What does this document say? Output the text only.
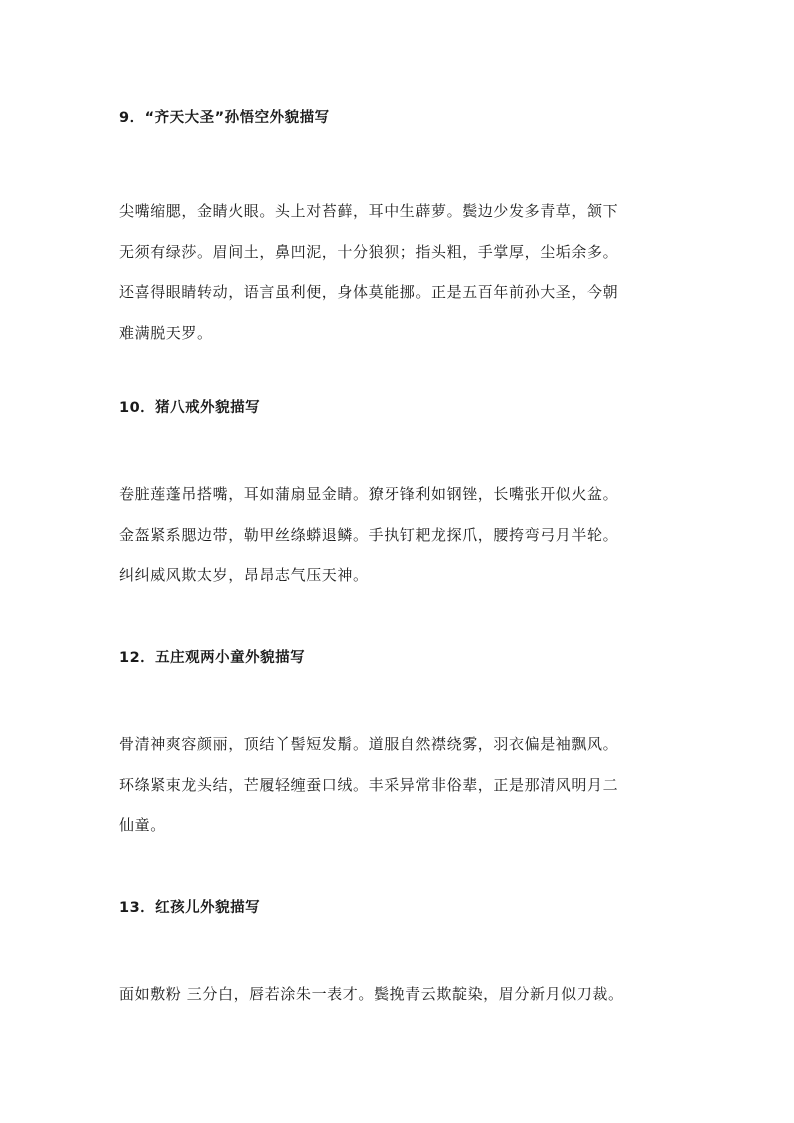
9．“齐天大圣”孙悟空外貌描写
尖嘴缩腮，金睛火眼。头上对苔藓，耳中生薜萝。鬓边少发多青草，颔下
无须有绿莎。眉间土，鼻凹泥，十分狼狈；指头粗，手掌厚，尘垢余多。
还喜得眼睛转动，语言虽利便，身体莫能挪。正是五百年前孙大圣，今朝
难满脱天罗。
10．猪八戒外貌描写
卷脏莲蓬吊搭嘴，耳如蒲扇显金睛。獠牙锋利如钢锉，长嘴张开似火盆。
金盔紧系腮边带，勒甲丝绦蟒退鳞。手执钉耙龙探爪，腰挎弯弓月半轮。
纠纠威风欺太岁，昂昂志气压天神。
12．五庄观两小童外貌描写
骨清神爽容颜丽，顶结丫髻短发鬅。道服自然襟绕雾，羽衣偏是袖飘风。
环绦紧束龙头结，芒履轻缠蚕口绒。丰采异常非俗辈，正是那清风明月二
仙童。
13．红孩儿外貌描写
面如敷粉 三分白，唇若涂朱一表才。鬓挽青云欺靛染，眉分新月似刀裁。
